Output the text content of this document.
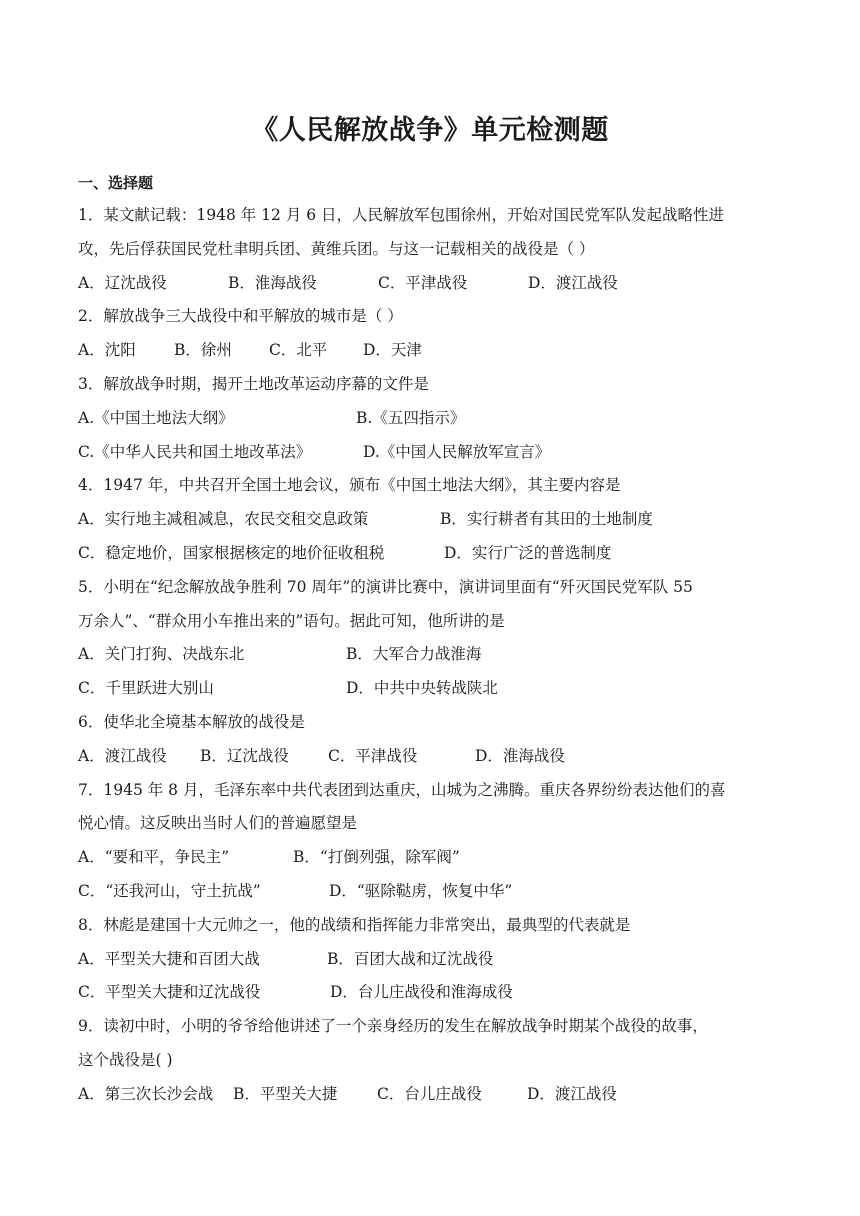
《人民解放战争》单元检测题
一、选择题
1．某文献记载：1948 年 12 月 6 日，人民解放军包围徐州，开始对国民党军队发起战略性进
攻，先后俘获国民党杜聿明兵团、黄维兵团。与这一记载相关的战役是（ ）
A．辽沈战役	B．淮海战役	C．平津战役	D．渡江战役
2．解放战争三大战役中和平解放的城市是（ ）
A．沈阳 B．徐州 C．北平 D．天津
3．解放战争时期，揭开土地改革运动序幕的文件是
A.《中国土地法大纲》	B.《五四指示》
C.《中华人民共和国土地改革法》	D.《中国人民解放军宣言》
4．1947 年，中共召开全国土地会议，颁布《中国土地法大纲》，其主要内容是
A．实行地主减租减息，农民交租交息政策	B．实行耕者有其田的土地制度
C．稳定地价，国家根据核定的地价征收租税	D．实行广泛的普选制度
5．小明在“纪念解放战争胜利 70 周年”的演讲比赛中，演讲词里面有“歼灭国民党军队 55
万余人”、“群众用小车推出来的”语句。据此可知，他所讲的是
A．关门打狗、决战东北	B．大军合力战淮海
C．千里跃进大别山	D．中共中央转战陕北
6．使华北全境基本解放的战役是
A．渡江战役 B．辽沈战役	C．平津战役	D．淮海战役
7．1945 年 8 月，毛泽东率中共代表团到达重庆，山城为之沸腾。重庆各界纷纷表达他们的喜
悦心情。这反映出当时人们的普遍愿望是
A．“要和平，争民主”	B．“打倒列强，除军阀”
C．“还我河山，守土抗战”	D．“驱除鞑虏，恢复中华”
8．林彪是建国十大元帅之一，他的战绩和指挥能力非常突出，最典型的代表就是
A．平型关大捷和百团大战	B．百团大战和辽沈战役
C．平型关大捷和辽沈战役	D．台儿庄战役和淮海成役
9．读初中时，小明的爷爷给他讲述了一个亲身经历的发生在解放战争时期某个战役的故事，
这个战役是( )
A．第三次长沙会战 B．平型关大捷	C．台儿庄战役	D．渡江战役
